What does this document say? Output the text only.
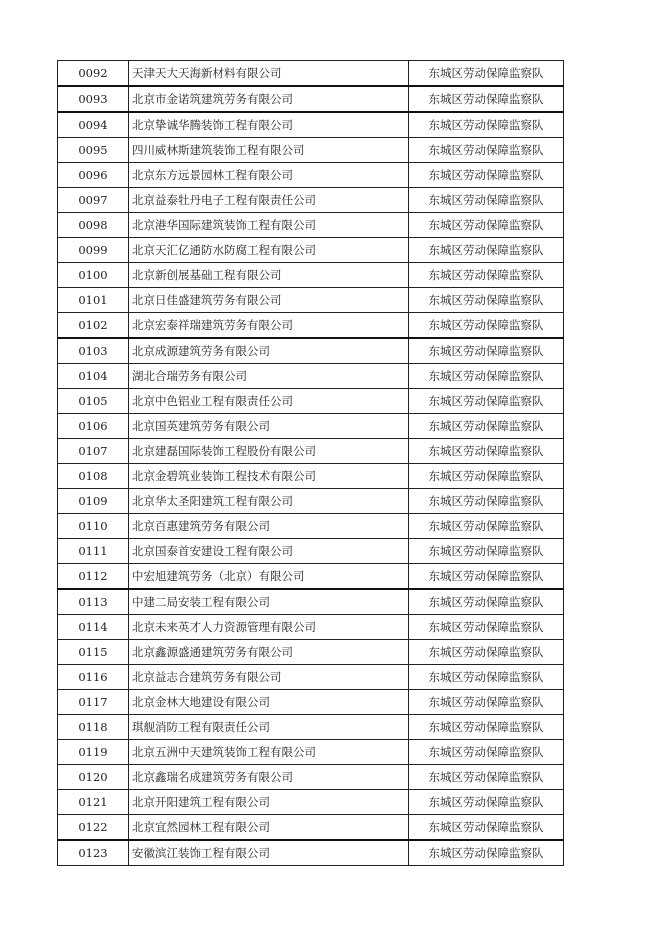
0092	天津天大天海新材料有限公司	东城区劳动保障监察队
0093	北京市金诺筑建筑劳务有限公司	东城区劳动保障监察队
0094	北京挚诚华腾装饰工程有限公司	东城区劳动保障监察队
0095	四川威林斯建筑装饰工程有限公司	东城区劳动保障监察队
0096	北京东方远景园林工程有限公司	东城区劳动保障监察队
0097	北京益泰牡丹电子工程有限责任公司	东城区劳动保障监察队
0098	北京港华国际建筑装饰工程有限公司	东城区劳动保障监察队
0099	北京天汇亿通防水防腐工程有限公司	东城区劳动保障监察队
0100	北京新创展基础工程有限公司	东城区劳动保障监察队
0101	北京日佳盛建筑劳务有限公司	东城区劳动保障监察队
0102	北京宏泰祥瑞建筑劳务有限公司	东城区劳动保障监察队
0103	北京成源建筑劳务有限公司	东城区劳动保障监察队
0104	湖北合瑞劳务有限公司	东城区劳动保障监察队
0105	北京中色铝业工程有限责任公司	东城区劳动保障监察队
0106	北京国英建筑劳务有限公司	东城区劳动保障监察队
0107	北京建磊国际装饰工程股份有限公司	东城区劳动保障监察队
0108	北京金碧筑业装饰工程技术有限公司	东城区劳动保障监察队
0109	北京华太圣阳建筑工程有限公司	东城区劳动保障监察队
0110	北京百惠建筑劳务有限公司	东城区劳动保障监察队
0111	北京国泰首安建设工程有限公司	东城区劳动保障监察队
0112	中宏旭建筑劳务（北京）有限公司	东城区劳动保障监察队
0113	中建二局安装工程有限公司	东城区劳动保障监察队
0114	北京未来英才人力资源管理有限公司	东城区劳动保障监察队
0115	北京鑫源盛通建筑劳务有限公司	东城区劳动保障监察队
0116	北京益志合建筑劳务有限公司	东城区劳动保障监察队
0117	北京金林大地建设有限公司	东城区劳动保障监察队
0118	琪舰消防工程有限责任公司	东城区劳动保障监察队
0119	北京五洲中天建筑装饰工程有限公司	东城区劳动保障监察队
0120	北京鑫瑞名成建筑劳务有限公司	东城区劳动保障监察队
0121	北京开阳建筑工程有限公司	东城区劳动保障监察队
0122	北京宜然园林工程有限公司	东城区劳动保障监察队
0123	安徽滨江装饰工程有限公司	东城区劳动保障监察队
